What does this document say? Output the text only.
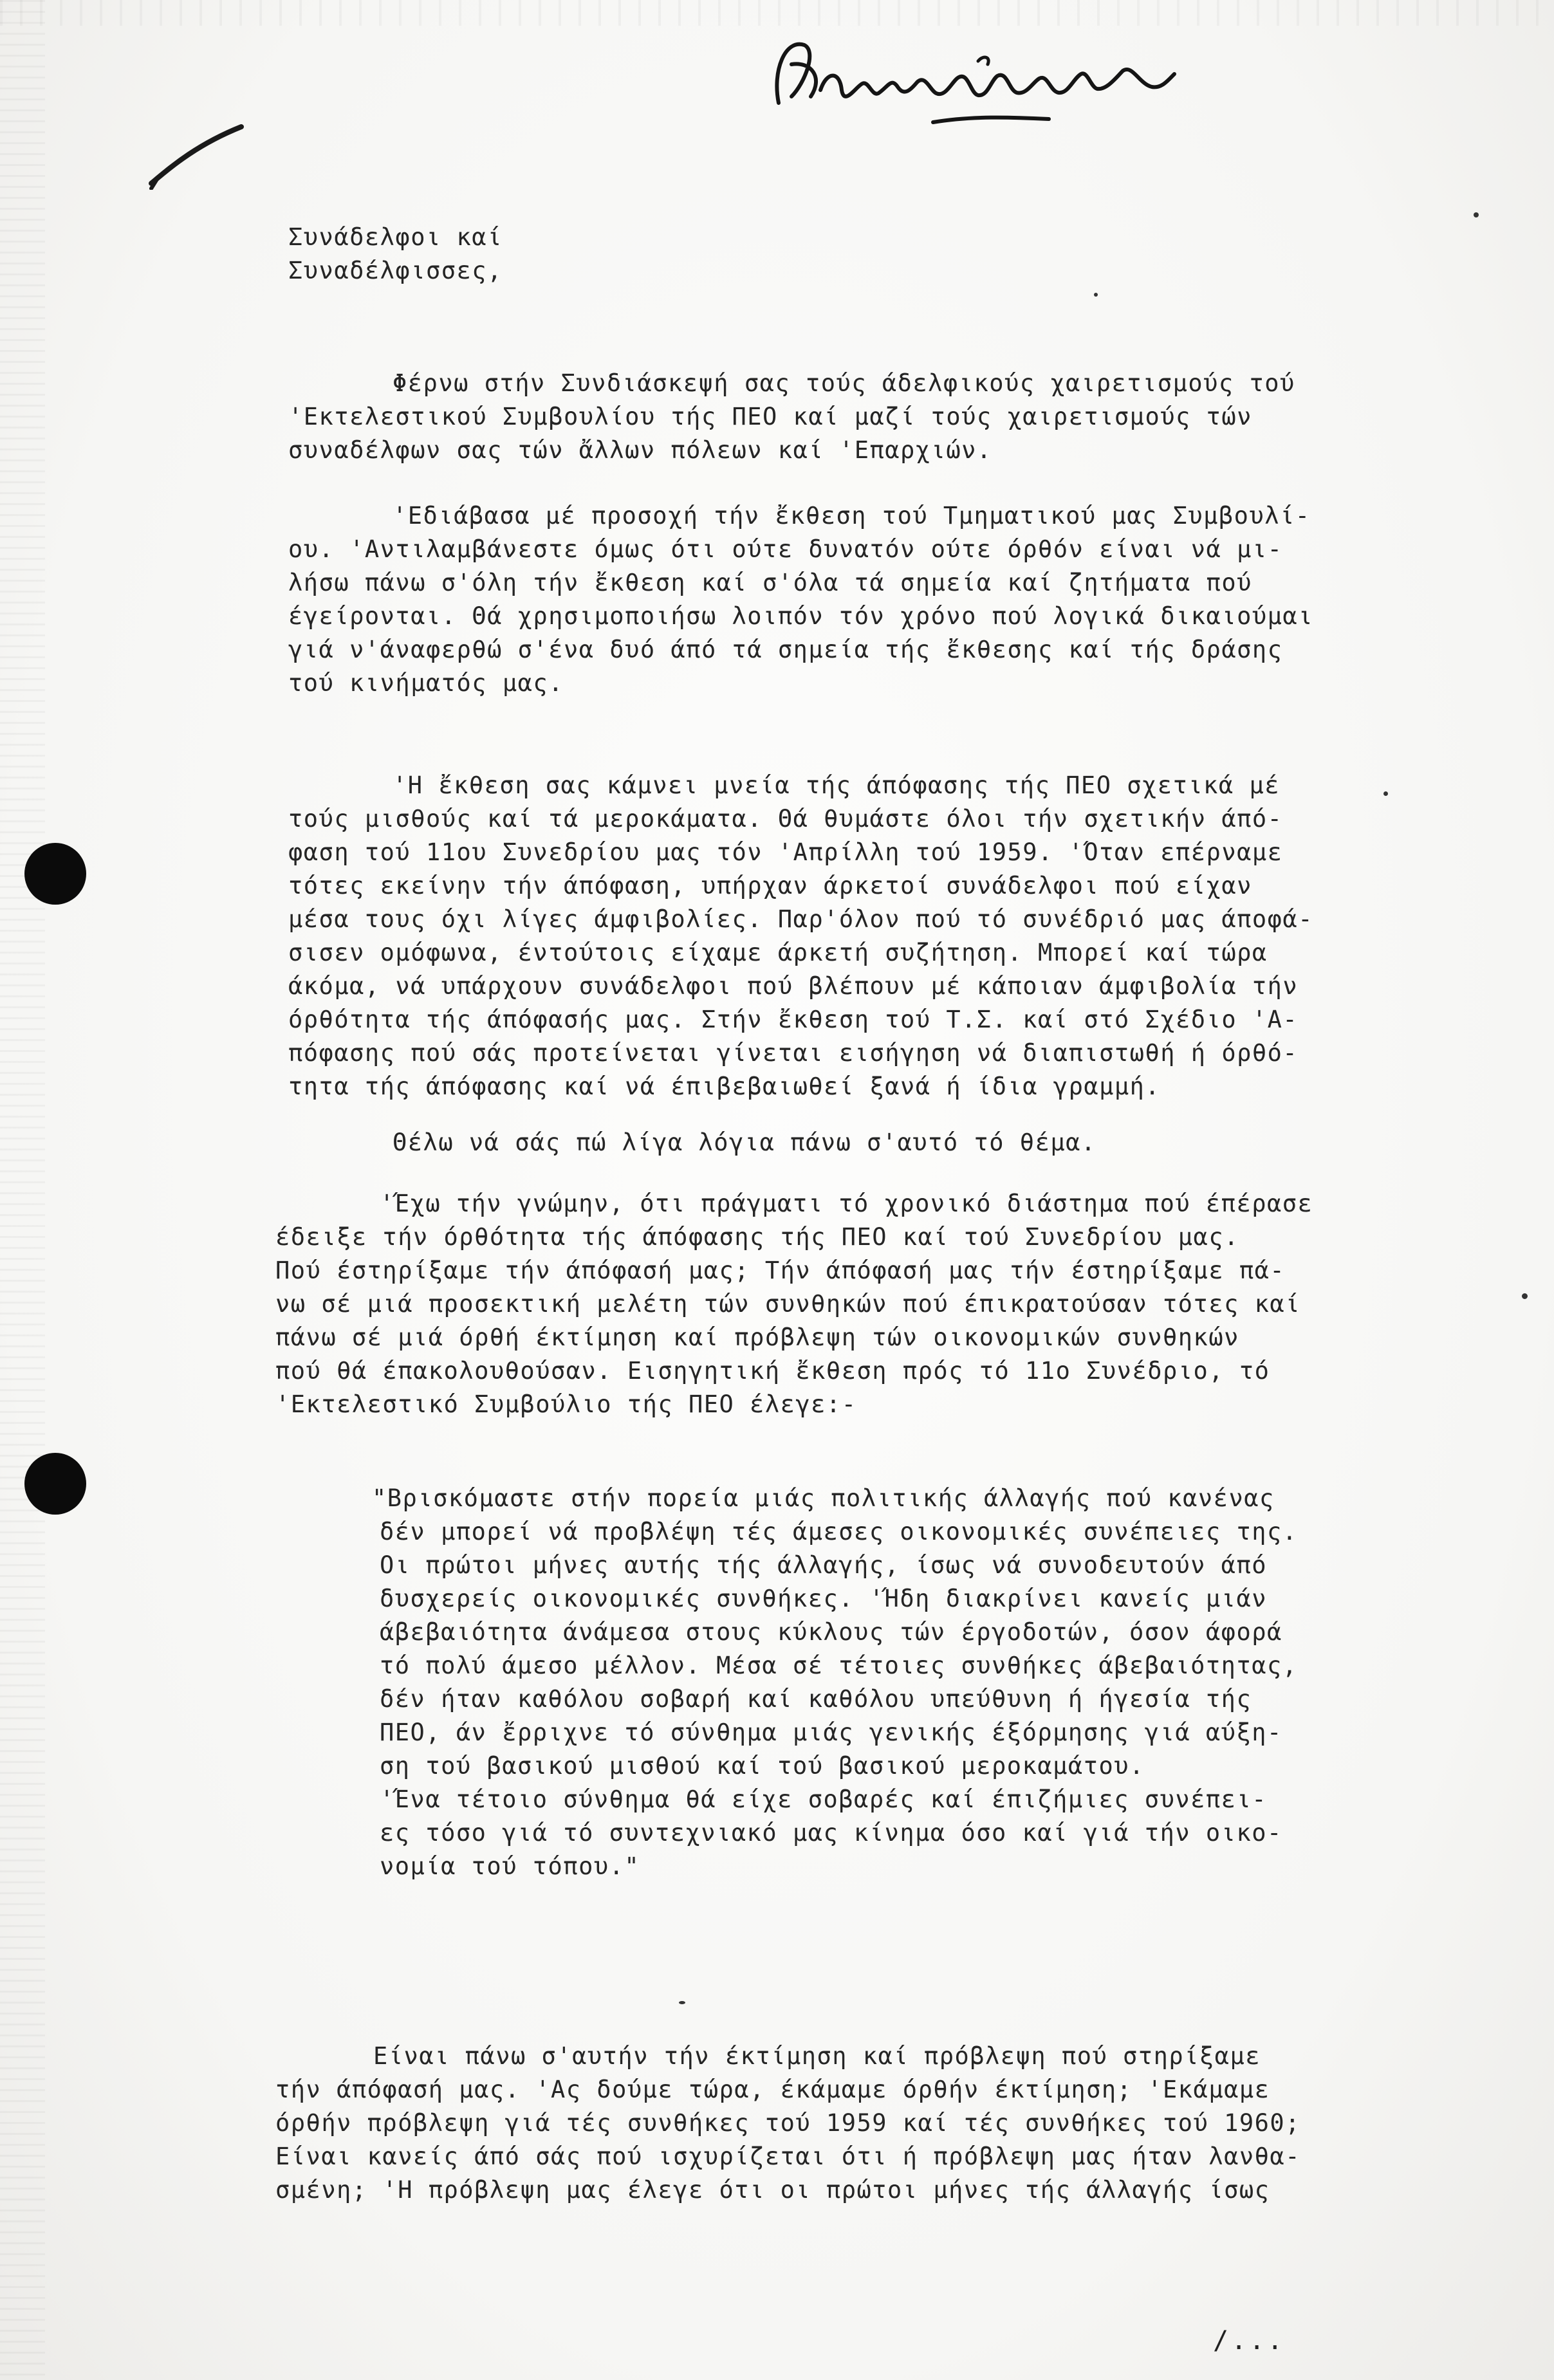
Συνάδελφοι καί
Συναδέλφισσες,
Φέρνω στήν Συνδιάσκεψή σας τούς άδελφικούς χαιρετισμούς τού
'Εκτελεστικού Συμβουλίου τής ΠΕΟ καί μαζί τούς χαιρετισμούς τών
συναδέλφων σας τών ἄλλων πόλεων καί 'Επαρχιών.
'Εδιάβασα μέ προσοχή τήν ἔκθεση τού Τμηματικού μας Συμβουλί-
ου. 'Αντιλαμβάνεστε όμως ότι ούτε δυνατόν ούτε όρθόν είναι νά μι-
λήσω πάνω σ'όλη τήν ἔκθεση καί σ'όλα τά σημεία καί ζητήματα πού
έγείρονται. Θά χρησιμοποιήσω λοιπόν τόν χρόνο πού λογικά δικαιούμαι
γιά ν'άναφερθώ σ'ένα δυό άπό τά σημεία τής ἔκθεσης καί τής δράσης
τού κινήματός μας.
'Η ἔκθεση σας κάμνει μνεία τής άπόφασης τής ΠΕΟ σχετικά μέ
τούς μισθούς καί τά μεροκάματα. Θά θυμάστε όλοι τήν σχετικήν άπό-
φαση τού 11ου Συνεδρίου μας τόν 'Απρίλλη τού 1959. 'Όταν επέρναμε
τότες εκείνην τήν άπόφαση, υπήρχαν άρκετοί συνάδελφοι πού είχαν
μέσα τους όχι λίγες άμφιβολίες. Παρ'όλον πού τό συνέδριό μας άποφά-
σισεν ομόφωνα, έντούτοις είχαμε άρκετή συζήτηση. Μπορεί καί τώρα
άκόμα, νά υπάρχουν συνάδελφοι πού βλέπουν μέ κάποιαν άμφιβολία τήν
όρθότητα τής άπόφασής μας. Στήν ἔκθεση τού Τ.Σ. καί στό Σχέδιο 'Α-
πόφασης πού σάς προτείνεται γίνεται εισήγηση νά διαπιστωθή ή όρθό-
τητα τής άπόφασης καί νά έπιβεβαιωθεί ξανά ή ίδια γραμμή.
Θέλω νά σάς πώ λίγα λόγια πάνω σ'αυτό τό θέμα.
'Έχω τήν γνώμην, ότι πράγματι τό χρονικό διάστημα πού έπέρασε
έδειξε τήν όρθότητα τής άπόφασης τής ΠΕΟ καί τού Συνεδρίου μας.
Πού έστηρίξαμε τήν άπόφασή μας; Τήν άπόφασή μας τήν έστηρίξαμε πά-
νω σέ μιά προσεκτική μελέτη τών συνθηκών πού έπικρατούσαν τότες καί
πάνω σέ μιά όρθή έκτίμηση καί πρόβλεψη τών οικονομικών συνθηκών
πού θά έπακολουθούσαν. Εισηγητική ἔκθεση πρός τό 11ο Συνέδριο, τό
'Εκτελεστικό Συμβούλιο τής ΠΕΟ έλεγε:-
"Βρισκόμαστε στήν πορεία μιάς πολιτικής άλλαγής πού κανένας
δέν μπορεί νά προβλέψη τές άμεσες οικονομικές συνέπειες της.
Οι πρώτοι μήνες αυτής τής άλλαγής, ίσως νά συνοδευτούν άπό
δυσχερείς οικονομικές συνθήκες. 'Ήδη διακρίνει κανείς μιάν
άβεβαιότητα άνάμεσα στους κύκλους τών έργοδοτών, όσον άφορά
τό πολύ άμεσο μέλλον. Μέσα σέ τέτοιες συνθήκες άβεβαιότητας,
δέν ήταν καθόλου σοβαρή καί καθόλου υπεύθυνη ή ήγεσία τής
ΠΕΟ, άν ἔρριχνε τό σύνθημα μιάς γενικής έξόρμησης γιά αύξη-
ση τού βασικού μισθού καί τού βασικού μεροκαμάτου.
'Ένα τέτοιο σύνθημα θά είχε σοβαρές καί έπιζήμιες συνέπει-
ες τόσο γιά τό συντεχνιακό μας κίνημα όσο καί γιά τήν οικο-
νομία τού τόπου."
Είναι πάνω σ'αυτήν τήν έκτίμηση καί πρόβλεψη πού στηρίξαμε
τήν άπόφασή μας. 'Ας δούμε τώρα, έκάμαμε όρθήν έκτίμηση; 'Εκάμαμε
όρθήν πρόβλεψη γιά τές συνθήκες τού 1959 καί τές συνθήκες τού 1960;
Είναι κανείς άπό σάς πού ισχυρίζεται ότι ή πρόβλεψη μας ήταν λανθα-
σμένη; 'Η πρόβλεψη μας έλεγε ότι οι πρώτοι μήνες τής άλλαγής ίσως
/...
